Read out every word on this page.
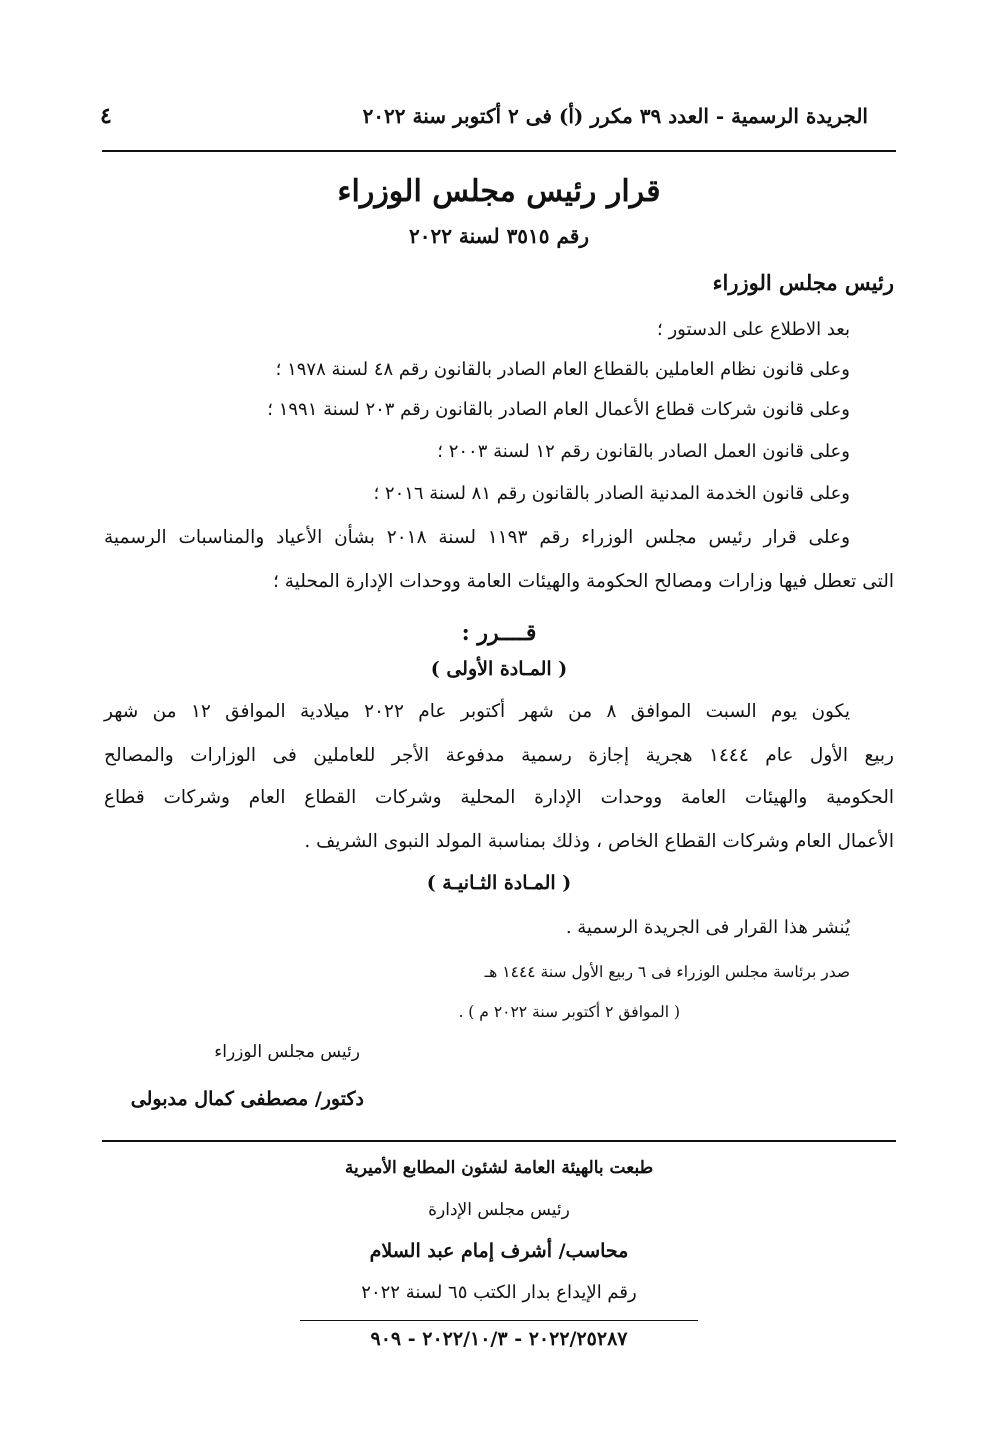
الجريدة الرسمية - العدد ٣٩ مكرر (أ) فى ٢ أكتوبر سنة ٢٠٢٢
٤
قرار رئيس مجلس الوزراء
رقم ٣٥١٥ لسنة ٢٠٢٢
رئيس مجلس الوزراء
بعد الاطلاع على الدستور ؛
وعلى قانون نظام العاملين بالقطاع العام الصادر بالقانون رقم ٤٨ لسنة ١٩٧٨ ؛
وعلى قانون شركات قطاع الأعمال العام الصادر بالقانون رقم ٢٠٣ لسنة ١٩٩١ ؛
وعلى قانون العمل الصادر بالقانون رقم ١٢ لسنة ٢٠٠٣ ؛
وعلى قانون الخدمة المدنية الصادر بالقانون رقم ٨١ لسنة ٢٠١٦ ؛
وعلى قرار رئيس مجلس الوزراء رقم ١١٩٣ لسنة ٢٠١٨ بشأن الأعياد والمناسبات الرسمية
التى تعطل فيها وزارات ومصالح الحكومة والهيئات العامة ووحدات الإدارة المحلية ؛
قــــرر :
( المـادة الأولى )
يكون يوم السبت الموافق ٨ من شهر أكتوبر عام ٢٠٢٢ ميلادية الموافق ١٢ من شهر
ربيع الأول عام ١٤٤٤ هجرية إجازة رسمية مدفوعة الأجر للعاملين فى الوزارات والمصالح
الحكومية والهيئات العامة ووحدات الإدارة المحلية وشركات القطاع العام وشركات قطاع
الأعمال العام وشركات القطاع الخاص ، وذلك بمناسبة المولد النبوى الشريف .
( المـادة الثـانيـة )
يُنشر هذا القرار فى الجريدة الرسمية .
صدر برئاسة مجلس الوزراء فى ٦ ربيع الأول سنة ١٤٤٤ هـ
( الموافق ٢ أكتوبر سنة ٢٠٢٢ م ) .
رئيس مجلس الوزراء
دكتور/ مصطفى كمال مدبولى
طبعت بالهيئة العامة لشئون المطابع الأميرية
رئيس مجلس الإدارة
محاسب/ أشرف إمام عبد السلام
رقم الإيداع بدار الكتب ٦٥ لسنة ٢٠٢٢
٢٠٢٢/٢٥٢٨٧ - ٢٠٢٢/١٠/٣ - ٩٠٩
